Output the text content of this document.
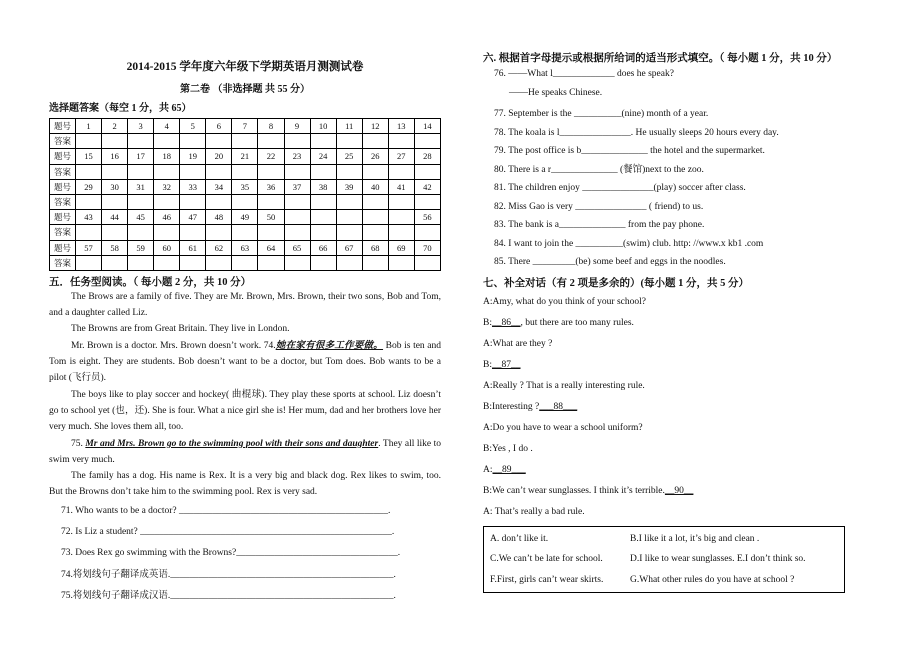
2014-2015 学年度六年级下学期英语月测测试卷
第二卷 （非选择题 共 55 分）
选择题答案（每空 1 分，共 65）
题号	1	2	3	4	5	6	7	8	9	10	11	12	13	14
答案														
题号	15	16	17	18	19	20	21	22	23	24	25	26	27	28
答案														
题号	29	30	31	32	33	34	35	36	37	38	39	40	41	42
答案														
题号	43	44	45	46	47	48	49	50						56
答案														
题号	57	58	59	60	61	62	63	64	65	66	67	68	69	70
答案														
五．任务型阅读。（ 每小题 2 分，共 10 分）
The Brows are a family of five. They are Mr. Brown, Mrs. Brown, their two sons, Bob and Tom, and a daughter called Liz.
The Browns are from Great Britain. They live in London.
Mr. Brown is a doctor. Mrs. Brown doesn’t work. 74.她在家有很多工作要做。 Bob is ten and Tom is eight. They are students. Bob doesn’t want to be a doctor, but Tom does. Bob wants to be a pilot (飞行员).
The boys like to play soccer and hockey( 曲棍球). They play these sports at school. Liz doesn’t go to school yet (也，还). She is four. What a nice girl she is! Her mum, dad and her brothers love her very much. She loves them all, too.
75. Mr and Mrs. Brown go to the swimming pool with their sons and daughter. They all like to swim very much.
The family has a dog. His name is Rex. It is a very big and black dog. Rex likes to swim, too. But the Browns don’t take him to the swimming pool. Rex is very sad.
71. Who wants to be a doctor? ____________________________________________.
72. Is Liz a student? _____________________________________________________.
73. Does Rex go swimming with the Browns?__________________________________.
74.将划线句子翻译成英语._______________________________________________.
75.将划线句子翻译成汉语._______________________________________________.
六. 根据首字母提示或根据所给词的适当形式填空。（ 每小题 1 分，共 10 分）
76. ——What l_____________ does he speak?
——He speaks Chinese.
77. September is the __________(nine) month of a year.
78. The koala is l_______________. He usually sleeps 20 hours every day.
79. The post office is b______________ the hotel and the supermarket.
80. There is a r______________ (餐馆)next to the zoo.
81. The children enjoy _______________(play) soccer after class.
82. Miss Gao is very _______________ ( friend) to us.
83. The bank is a______________ from the pay phone.
84. I want to join the __________(swim) club. http: //www.x kb1 .com
85. There _________(be) some beef and eggs in the noodles.
七、补全对话（有 2 项是多余的）(每小题 1 分，共 5 分）
A:Amy, what do you think of your school?
B:__86__, but there are too many rules.
A:What are they ?
B:__87__
A:Really ? That is a really interesting rule.
B:Interesting ?___88___
A:Do you have to wear a school uniform?
B:Yes , I do .
A:__89___
B:We can’t wear sunglasses. I think it’s terrible.__90__
A: That’s really a bad rule.
A. don’t like it.	B.I like it a lot, it’s big and clean .
C.We can’t be late for school.	D.I like to wear sunglasses. E.I don’t think so.
F.First, girls can’t wear skirts.	G.What other rules do you have at school ?
